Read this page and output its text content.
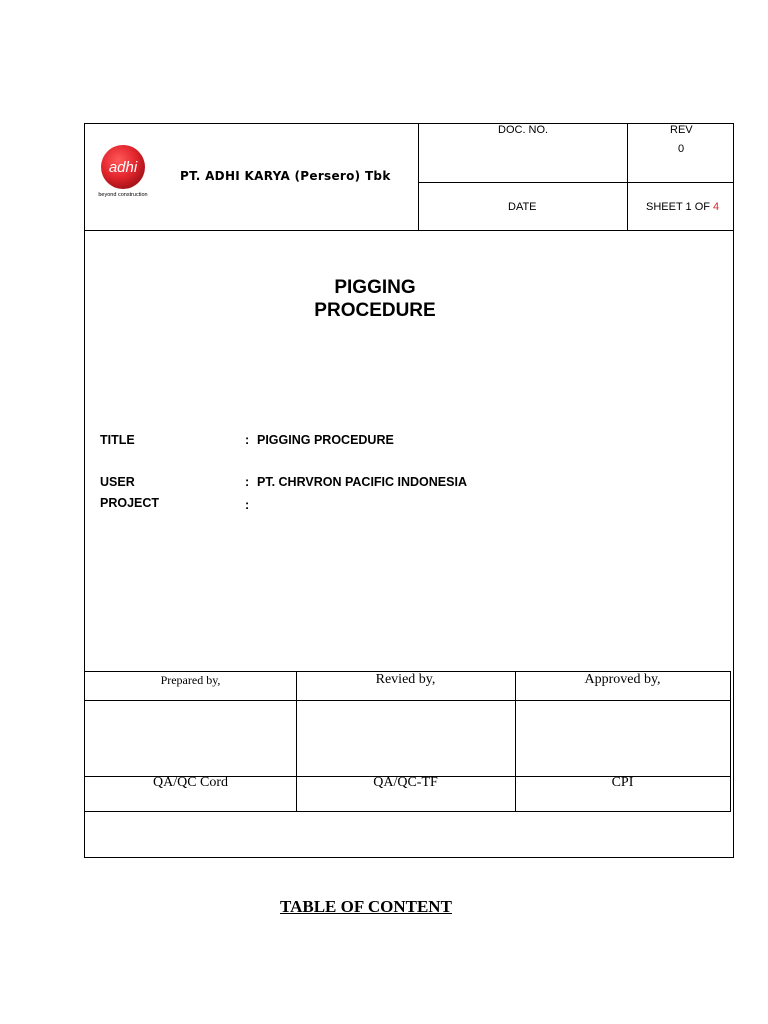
adhi
beyond construction
PT. ADHI KARYA (Persero) Tbk
DOC. NO.	REV
0
DATE	SHEET 1 OF 4
PIGGING
PROCEDURE
TITLE	: PIGGING PROCEDURE
USER	: PT. CHRVRON PACIFIC INDONESIA
PROJECT	:
Prepared by,	Revied by,	Approved by,
QA/QC Cord	QA/QC-TF	CPI
TABLE OF CONTENT
